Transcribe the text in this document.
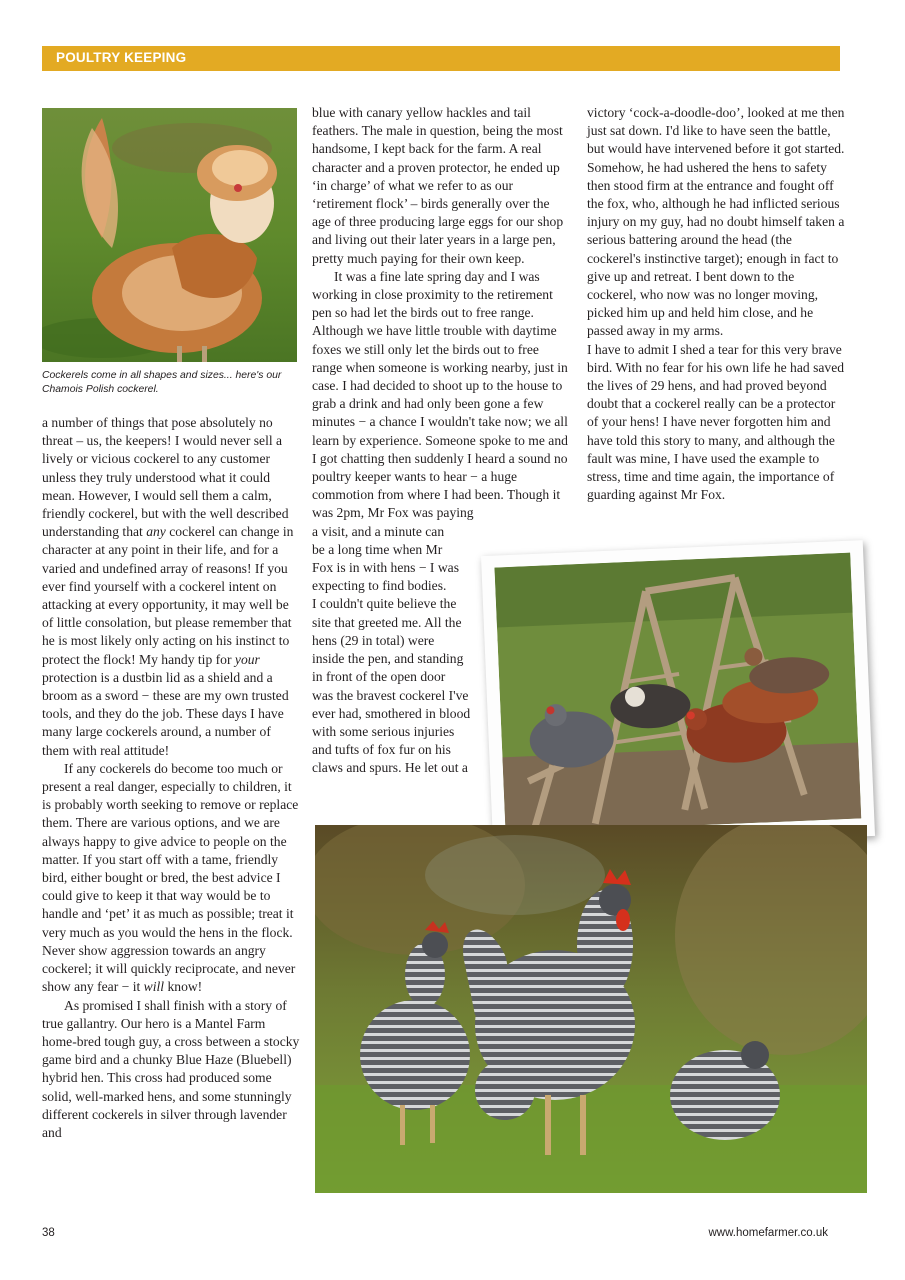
POULTRY KEEPING
Cockerels come in all shapes and sizes... here's our Chamois Polish cockerel.

a number of things that pose absolutely no threat – us, the keepers! I would never sell a lively or vicious cockerel to any customer unless they truly understood what it could mean. However, I would sell them a calm, friendly cockerel, but with the well described understanding that any cockerel can change in character at any point in their life, and for a varied and undefined array of reasons! If you ever find yourself with a cockerel intent on attacking at every opportunity, it may well be of little consolation, but please remember that he is most likely only acting on his instinct to protect the flock! My handy tip for your protection is a dustbin lid as a shield and a broom as a sword − these are my own trusted tools, and they do the job. These days I have many large cockerels around, a number of them with real attitude!

If any cockerels do become too much or present a real danger, especially to children, it is probably worth seeking to remove or replace them. There are various options, and we are always happy to give advice to people on the matter. If you start off with a tame, friendly bird, either bought or bred, the best advice I could give to keep it that way would be to handle and ‘pet’ it as much as possible; treat it very much as you would the hens in the flock. Never show aggression towards an angry cockerel; it will quickly reciprocate, and never show any fear − it will know!

As promised I shall finish with a story of true gallantry. Our hero is a Mantel Farm home-bred tough guy, a cross between a stocky game bird and a chunky Blue Haze (Bluebell) hybrid hen. This cross had produced some solid, well-marked hens, and some stunningly different cockerels in silver through lavender and

blue with canary yellow hackles and tail feathers. The male in question, being the most handsome, I kept back for the farm. A real character and a proven protector, he ended up ‘in charge’ of what we refer to as our ‘retirement flock’ – birds generally over the age of three producing large eggs for our shop and living out their later years in a large pen, pretty much paying for their own keep.

It was a fine late spring day and I was working in close proximity to the retirement pen so had let the birds out to free range. Although we have little trouble with daytime foxes we still only let the birds out to free range when someone is working nearby, just in case. I had decided to shoot up to the house to grab a drink and had only been gone a few minutes − a chance I wouldn't take now; we all learn by experience. Someone spoke to me and I got chatting then suddenly I heard a sound no poultry keeper wants to hear − a huge commotion from where I had been. Though it was 2pm, Mr Fox was paying

a visit, and a minute can
be a long time when Mr
Fox is in with hens − I was
expecting to find bodies.
I couldn't quite believe the
site that greeted me. All the
hens (29 in total) were
inside the pen, and standing
in front of the open door
was the bravest cockerel I've
ever had, smothered in blood
with some serious injuries
and tufts of fox fur on his
claws and spurs. He let out a

victory ‘cock-a-doodle-doo’, looked at me then just sat down. I'd like to have seen the battle, but would have intervened before it got started. Somehow, he had ushered the hens to safety then stood firm at the entrance and fought off the fox, who, although he had inflicted serious injury on my guy, had no doubt himself taken a serious battering around the head (the cockerel's instinctive target); enough in fact to give up and retreat. I bent down to the cockerel, who now was no longer moving, picked him up and held him close, and he passed away in my arms.

I have to admit I shed a tear for this very brave bird. With no fear for his own life he had saved the lives of 29 hens, and had proved beyond doubt that a cockerel really can be a protector of your hens! I have never forgotten him and have told this story to many, and although the fault was mine, I have used the example to stress, time and time again, the importance of guarding against Mr Fox.

38	www.homefarmer.co.uk
